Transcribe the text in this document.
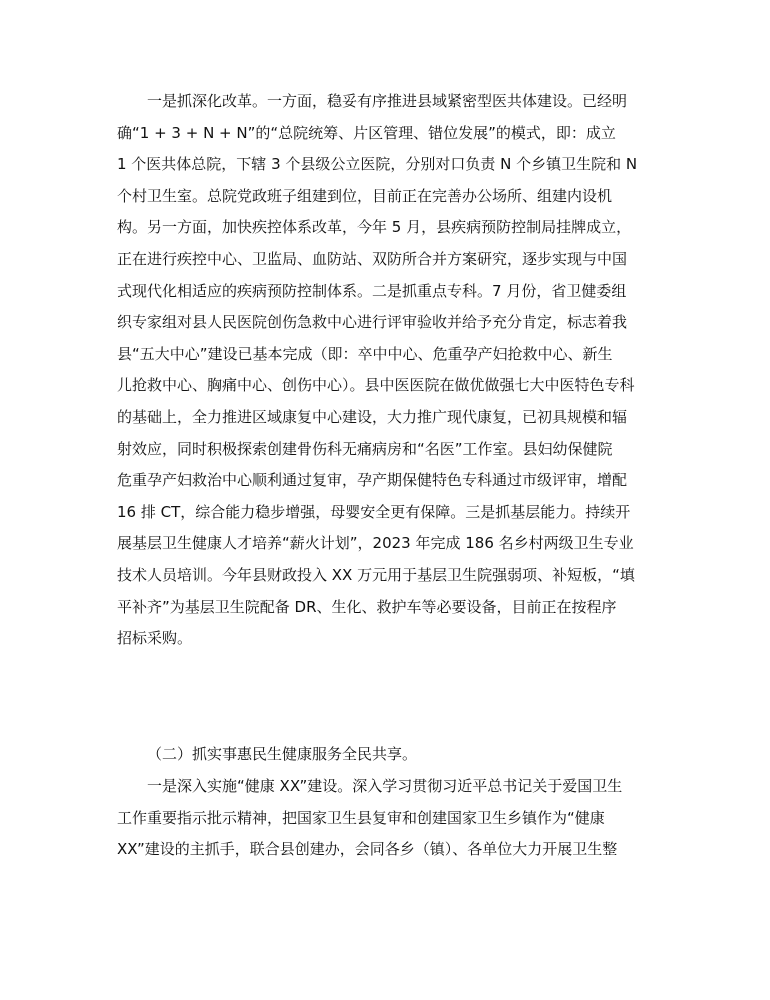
一是抓深化改革。一方面，稳妥有序推进县域紧密型医共体建设。已经明
确“1 + 3 + N + N”的“总院统筹、片区管理、错位发展”的模式，即：成立
1 个医共体总院，下辖 3 个县级公立医院，分别对口负责 N 个乡镇卫生院和 N
个村卫生室。总院党政班子组建到位，目前正在完善办公场所、组建内设机
构。另一方面，加快疾控体系改革，今年 5 月，县疾病预防控制局挂牌成立，
正在进行疾控中心、卫监局、血防站、双防所合并方案研究，逐步实现与中国
式现代化相适应的疾病预防控制体系。二是抓重点专科。7 月份，省卫健委组
织专家组对县人民医院创伤急救中心进行评审验收并给予充分肯定，标志着我
县“五大中心”建设已基本完成（即：卒中中心、危重孕产妇抢救中心、新生
儿抢救中心、胸痛中心、创伤中心）。县中医医院在做优做强七大中医特色专科
的基础上，全力推进区域康复中心建设，大力推广现代康复，已初具规模和辐
射效应，同时积极探索创建骨伤科无痛病房和“名医”工作室。县妇幼保健院
危重孕产妇救治中心顺利通过复审，孕产期保健特色专科通过市级评审，增配
16 排 CT，综合能力稳步增强，母婴安全更有保障。三是抓基层能力。持续开
展基层卫生健康人才培养“薪火计划”，2023 年完成 186 名乡村两级卫生专业
技术人员培训。今年县财政投入 XX 万元用于基层卫生院强弱项、补短板，“填
平补齐”为基层卫生院配备 DR、生化、救护车等必要设备，目前正在按程序
招标采购。
（二）抓实事惠民生健康服务全民共享。
一是深入实施“健康 XX”建设。深入学习贯彻习近平总书记关于爱国卫生
工作重要指示批示精神，把国家卫生县复审和创建国家卫生乡镇作为“健康
XX”建设的主抓手，联合县创建办，会同各乡（镇）、各单位大力开展卫生整
